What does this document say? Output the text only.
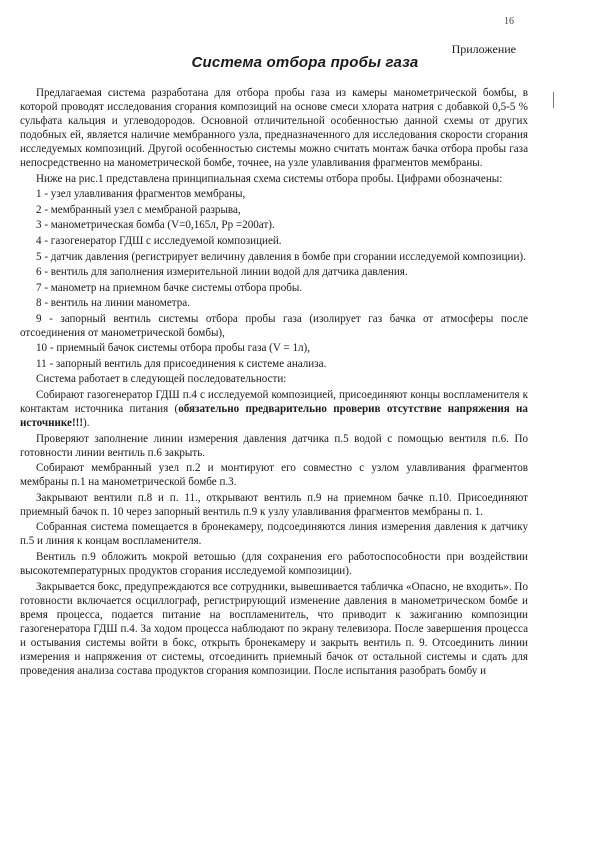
16
Приложение
Система отбора пробы газа

Предлагаемая система разработана для отбора пробы газа из камеры манометрической бомбы, в которой проводят исследования сгорания композиций на основе смеси хлората натрия с добавкой 0,5-5 % сульфата кальция и углеводородов. Основной отличительной особенностью данной схемы от других подобных ей, является наличие мембранного узла, предназначенного для исследования скорости сгорания исследуемых композиций. Другой особенностью системы можно считать монтаж бачка отбора пробы газа непосредственно на манометрической бомбе, точнее, на узле улавливания фрагментов мембраны.

Ниже на рис.1 представлена принципиальная схема системы отбора пробы. Цифрами обозначены:

1 - узел улавливания фрагментов мембраны,

2 - мембранный узел с мембраной разрыва,

3 - манометрическая бомба (V=0,165л, Рр =200ат).

4 - газогенератор ГДШ с исследуемой композицией.

5 - датчик давления (регистрирует величину давления в бомбе при сгорании исследуемой композиции).

6 - вентиль для заполнения измерительной линии водой для датчика давления.

7 - манометр на приемном бачке системы отбора пробы.

8 - вентиль на линии манометра.

9 - запорный вентиль системы отбора пробы газа (изолирует газ бачка от атмосферы после отсоединения от манометрической бомбы),

10 - приемный бачок системы отбора пробы газа (V = 1л),

11 - запорный вентиль для присоединения к системе анализа.

Система работает в следующей последовательности:

Собирают газогенератор ГДШ п.4 с исследуемой композицией, присоединяют концы воспламенителя к контактам источника питания (обязательно предварительно проверив отсутствие напряжения на источнике!!!).

Проверяют заполнение линии измерения давления датчика п.5 водой с помощью вентиля п.6. По готовности линии вентиль п.6 закрыть.

Собирают мембранный узел п.2 и монтируют его совместно с узлом улавливания фрагментов мембраны п.1 на манометрической бомбе п.3.

Закрывают вентили п.8 и п. 11., открывают вентиль п.9 на приемном бачке п.10. Присоединяют приемный бачок п. 10 через запорный вентиль п.9 к узлу улавливания фрагментов мембраны п. 1.

Собранная система помещается в бронекамеру, подсоединяются линия измерения давления к датчику п.5 и линия к концам воспламенителя.

Вентиль п.9 обложить мокрой ветошью (для сохранения его работоспособности при воздействии высокотемпературных продуктов сгорания исследуемой композиции).

Закрывается бокс, предупреждаются все сотрудники, вывешивается табличка «Опасно, не входить». По готовности включается осциллограф, регистрирующий изменение давления в манометрическом бомбе и время процесса, подается питание на воспламенитель, что приводит к зажиганию композиции газогенератора ГДШ п.4. За ходом процесса наблюдают по экрану телевизора. После завершения процесса и остывания системы войти в бокс, открыть бронекамеру и закрыть вентиль п. 9. Отсоединить линии измерения и напряжения от системы, отсоединить приемный бачок от остальной системы и сдать для проведения анализа состава продуктов сгорания композиции. После испытания разобрать бомбу и
